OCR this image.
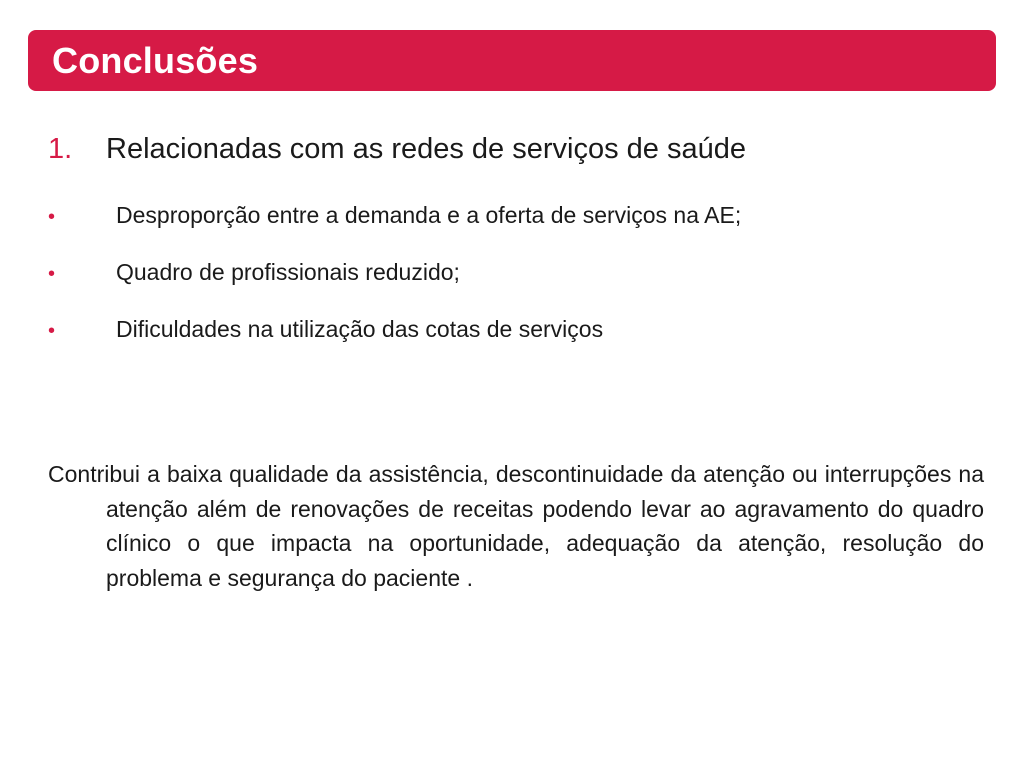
Conclusões
1.	Relacionadas com as redes de serviços de saúde
•	Desproporção entre a demanda e a oferta de serviços na AE;
•	Quadro de profissionais reduzido;
•	Dificuldades na utilização das cotas de serviços

Contribui a baixa qualidade da assistência, descontinuidade da atenção ou interrupções na atenção além de renovações de receitas podendo levar ao agravamento do quadro clínico o que impacta na oportunidade, adequação da atenção, resolução do problema e segurança do paciente .
